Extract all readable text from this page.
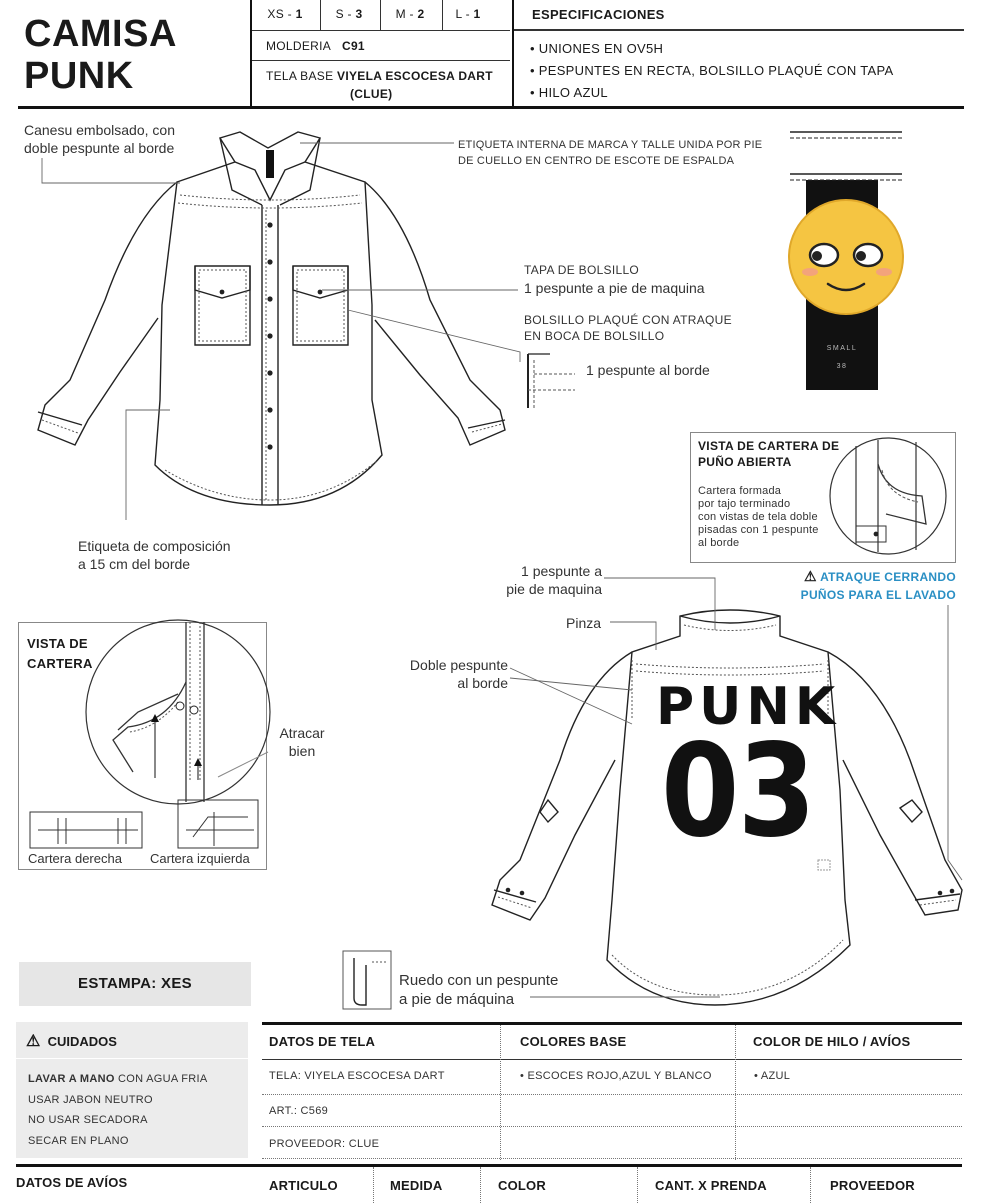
CAMISA
PUNK
XS - 1	S - 3	M - 2	L - 1
MOLDERIA C91
TELA BASE VIYELA ESCOCESA DART
(CLUE)
ESPECIFICACIONES
• UNIONES EN OV5H
• PESPUNTES EN RECTA, BOLSILLO PLAQUÉ CON TAPA
• HILO AZUL
Canesu embolsado, con
doble pespunte al borde	ETIQUETA INTERNA DE MARCA Y TALLE UNIDA POR PIE
DE CUELLO EN CENTRO DE ESCOTE DE ESPALDA
TAPA DE BOLSILLO
1 pespunte a pie de maquina
BOLSILLO PLAQUÉ CON ATRAQUE
EN BOCA DE BOLSILLO
1 pespunte al borde
Etiqueta de composición
a 15 cm del borde
SMALL
38
VISTA DE CARTERA DE
PUÑO ABIERTA
Cartera formada
por tajo terminado
con vistas de tela doble
pisadas con 1 pespunte
al borde
⚠ ATRAQUE CERRANDO
PUÑOS PARA EL LAVADO
PUNK
03
1 pespunte a
pie de maquina
Pinza
Doble pespunte
al borde
VISTA DE
CARTERA
Atracar
bien
Cartera derecha Cartera izquierda
Ruedo con un pespunte
a pie de máquina
ESTAMPA: XES
⚠ CUIDADOS
LAVAR A MANO CON AGUA FRIA
USAR JABON NEUTRO
NO USAR SECADORA
SECAR EN PLANO
DATOS DE TELA	COLORES BASE	COLOR DE HILO / AVÍOS
TELA: VIYELA ESCOCESA DART	• ESCOCES ROJO,AZUL Y BLANCO	• AZUL
ART.: C569
PROVEEDOR: CLUE
DATOS DE AVÍOS	ARTICULO	MEDIDA	COLOR	CANT. X PRENDA	PROVEEDOR
